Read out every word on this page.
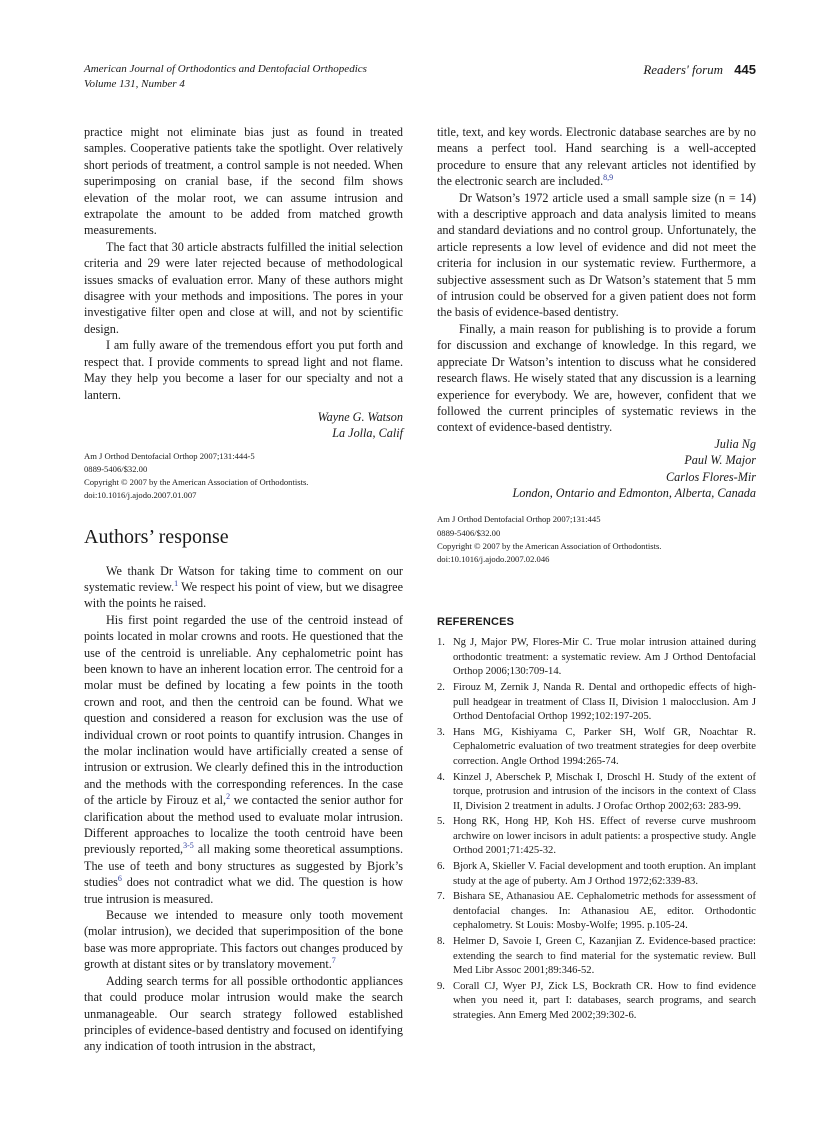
American Journal of Orthodontics and Dentofacial Orthopedics
Volume 131, Number 4
Readers' forum 445

practice might not eliminate bias just as found in treated samples. Cooperative patients take the spotlight. Over relatively short periods of treatment, a control sample is not needed. When superimposing on cranial base, if the second film shows elevation of the molar root, we can assume intrusion and extrapolate the amount to be added from matched growth measurements.

The fact that 30 article abstracts fulfilled the initial selection criteria and 29 were later rejected because of methodological issues smacks of evaluation error. Many of these authors might disagree with your methods and impositions. The pores in your investigative filter open and close at will, and not by scientific design.

I am fully aware of the tremendous effort you put forth and respect that. I provide comments to spread light and not flame. May they help you become a laser for our specialty and not a lantern.

Wayne G. Watson
La Jolla, Calif
Am J Orthod Dentofacial Orthop 2007;131:444-5
0889-5406/$32.00
Copyright © 2007 by the American Association of Orthodontists.
doi:10.1016/j.ajodo.2007.01.007
Authors’ response

We thank Dr Watson for taking time to comment on our systematic review.$^1$ We respect his point of view, but we disagree with the points he raised.

His first point regarded the use of the centroid instead of points located in molar crowns and roots. He questioned that the use of the centroid is unreliable. Any cephalometric point has been known to have an inherent location error. The centroid for a molar must be defined by locating a few points in the tooth crown and root, and then the centroid can be found. What we question and considered a reason for exclusion was the use of individual crown or root points to quantify intrusion. Changes in the molar inclination would have artificially created a sense of intrusion or extrusion. We clearly defined this in the introduction and the methods with the corresponding references. In the case of the article by Firouz et al,$^2$ we contacted the senior author for clarification about the method used to evaluate molar intrusion. Different approaches to localize the tooth centroid have been previously reported,$^{3-5}$ all making some theoretical assumptions. The use of teeth and bony structures as suggested by Bjork’s studies$^6$ does not contradict what we did. The question is how true intrusion is measured.

Because we intended to measure only tooth movement (molar intrusion), we decided that superimposition of the bone base was more appropriate. This factors out changes produced by growth at distant sites or by translatory movement.$^7$

Adding search terms for all possible orthodontic appliances that could produce molar intrusion would make the search unmanageable. Our search strategy followed established principles of evidence-based dentistry and focused on identifying any indication of tooth intrusion in the abstract,

title, text, and key words. Electronic database searches are by no means a perfect tool. Hand searching is a well-accepted procedure to ensure that any relevant articles not identified by the electronic search are included.$^{8,9}$

Dr Watson’s 1972 article used a small sample size (n = 14) with a descriptive approach and data analysis limited to means and standard deviations and no control group. Unfortunately, the article represents a low level of evidence and did not meet the criteria for inclusion in our systematic review. Furthermore, a subjective assessment such as Dr Watson’s statement that 5 mm of intrusion could be observed for a given patient does not form the basis of evidence-based dentistry.

Finally, a main reason for publishing is to provide a forum for discussion and exchange of knowledge. In this regard, we appreciate Dr Watson’s intention to discuss what he considered research flaws. He wisely stated that any discussion is a learning experience for everybody. We are, however, confident that we followed the current principles of systematic reviews in the context of evidence-based dentistry.

Julia Ng
Paul W. Major
Carlos Flores-Mir
London, Ontario and Edmonton, Alberta, Canada
Am J Orthod Dentofacial Orthop 2007;131:445
0889-5406/$32.00
Copyright © 2007 by the American Association of Orthodontists.
doi:10.1016/j.ajodo.2007.02.046
REFERENCES
1. Ng J, Major PW, Flores-Mir C. True molar intrusion attained during orthodontic treatment: a systematic review. Am J Orthod Dentofacial Orthop 2006;130:709-14.
2. Firouz M, Zernik J, Nanda R. Dental and orthopedic effects of high-pull headgear in treatment of Class II, Division 1 malocclusion. Am J Orthod Dentofacial Orthop 1992;102:197-205.
3. Hans MG, Kishiyama C, Parker SH, Wolf GR, Noachtar R. Cephalometric evaluation of two treatment strategies for deep overbite correction. Angle Orthod 1994:265-74.
4. Kinzel J, Aberschek P, Mischak I, Droschl H. Study of the extent of torque, protrusion and intrusion of the incisors in the context of Class II, Division 2 treatment in adults. J Orofac Orthop 2002;63: 283-99.
5. Hong RK, Hong HP, Koh HS. Effect of reverse curve mushroom archwire on lower incisors in adult patients: a prospective study. Angle Orthod 2001;71:425-32.
6. Bjork A, Skieller V. Facial development and tooth eruption. An implant study at the age of puberty. Am J Orthod 1972;62:339-83.
7. Bishara SE, Athanasiou AE. Cephalometric methods for assessment of dentofacial changes. In: Athanasiou AE, editor. Orthodontic cephalometry. St Louis: Mosby-Wolfe; 1995. p.105-24.
8. Helmer D, Savoie I, Green C, Kazanjian Z. Evidence-based practice: extending the search to find material for the systematic review. Bull Med Libr Assoc 2001;89:346-52.
9. Corall CJ, Wyer PJ, Zick LS, Bockrath CR. How to find evidence when you need it, part I: databases, search programs, and search strategies. Ann Emerg Med 2002;39:302-6.
